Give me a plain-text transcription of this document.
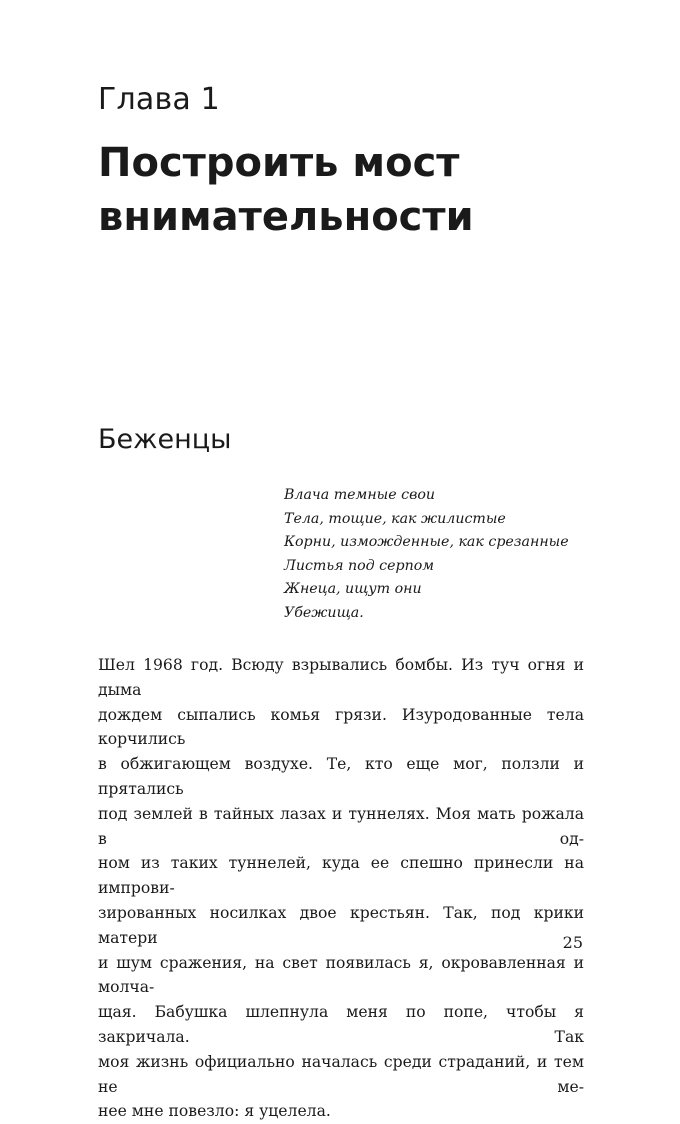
Глава 1
Построить мост
внимательности
Беженцы
Влача темные свои
Тела, тощие, как жилистые
Корни, изможденные, как срезанные
Листья под серпом
Жнеца, ищут они
Убежища.
Шел 1968 год. Всюду взрывались бомбы. Из туч огня и дыма
дождем сыпались комья грязи. Изуродованные тела корчились
в обжигающем воздухе. Те, кто еще мог, ползли и прятались
под землей в тайных лазах и туннелях. Моя мать рожала в од-
ном из таких туннелей, куда ее спешно принесли на импрови-
зированных носилках двое крестьян. Так, под крики матери
и шум сражения, на свет появилась я, окровавленная и молча-
щая. Бабушка шлепнула меня по попе, чтобы я закричала. Так
моя жизнь официально началась среди страданий, и тем не ме-
нее мне повезло: я уцелела.
25
